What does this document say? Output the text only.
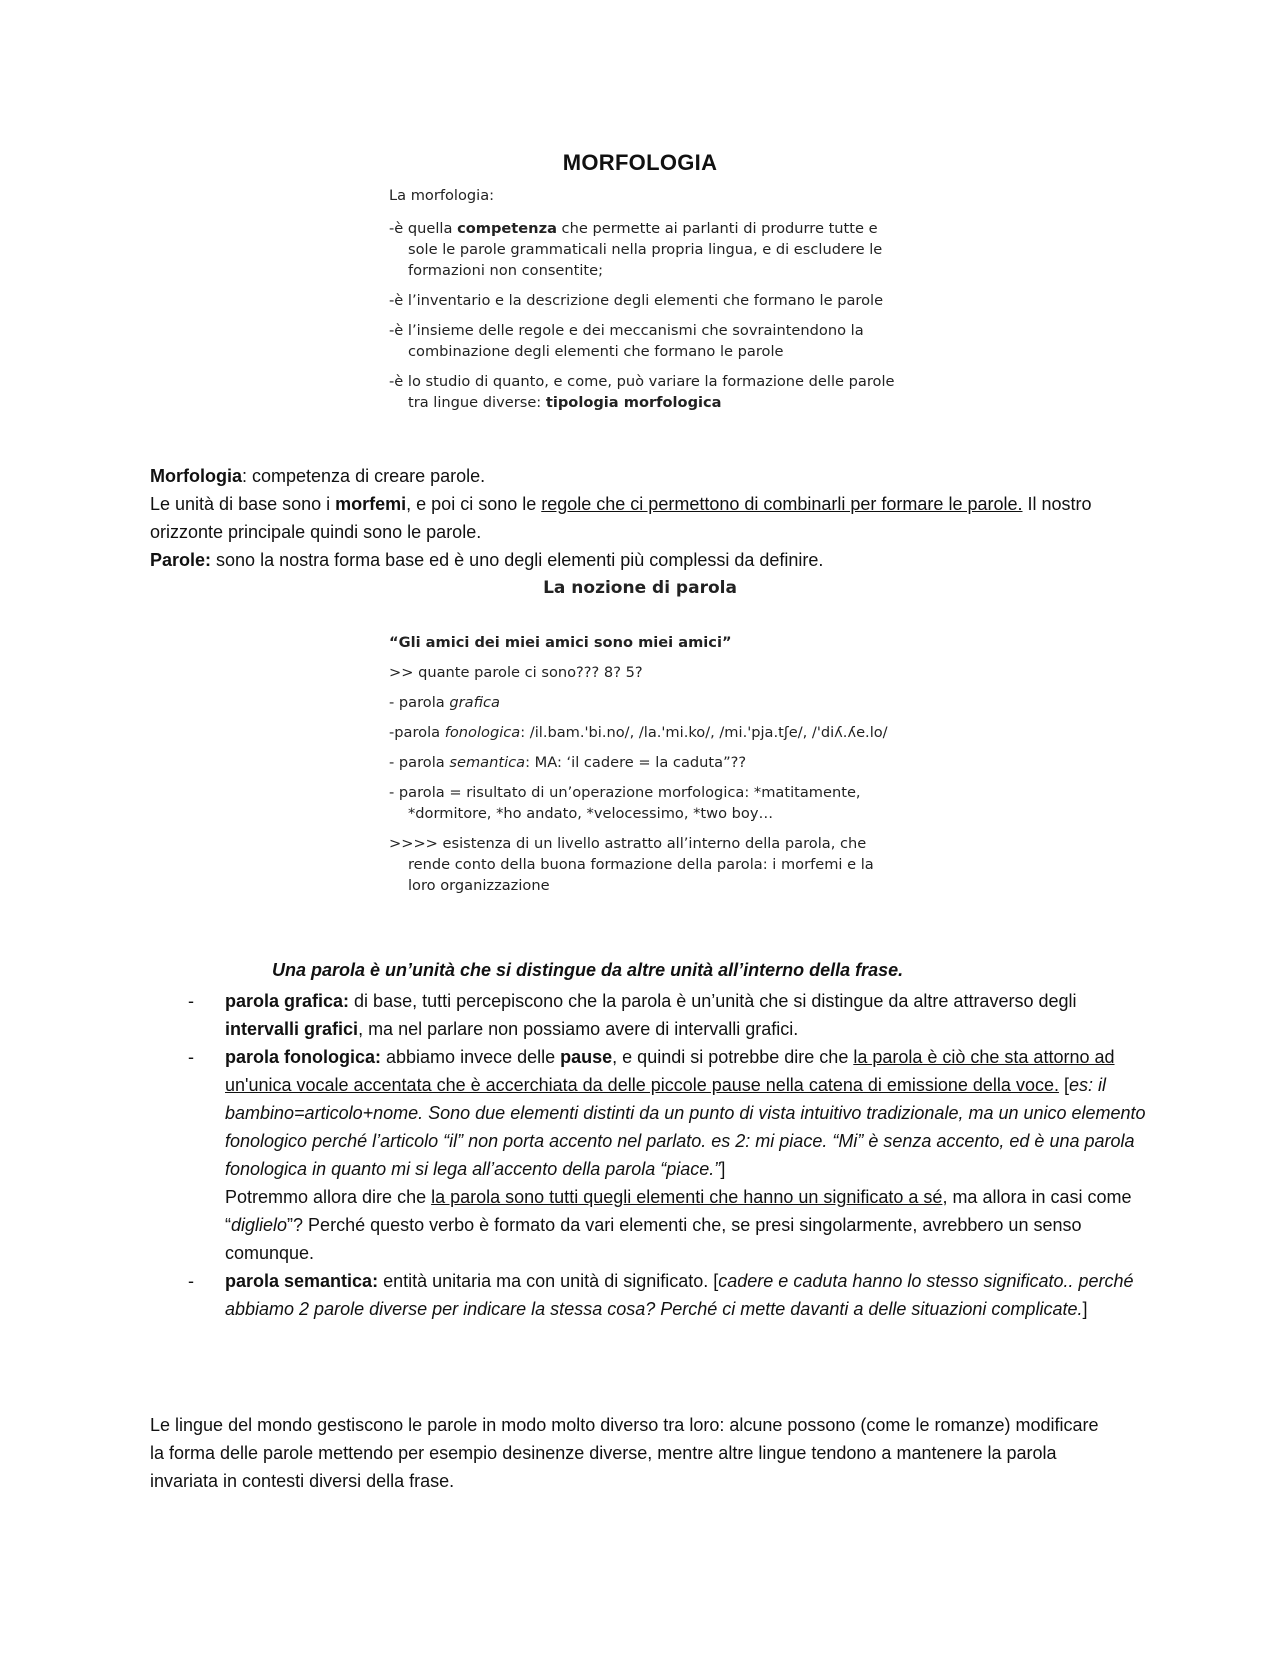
MORFOLOGIA

La morfologia:

-è quella competenza che permette ai parlanti di produrre tutte e sole le parole grammaticali nella propria lingua, e di escludere le formazioni non consentite;

-è l’inventario e la descrizione degli elementi che formano le parole

-è l’insieme delle regole e dei meccanismi che sovraintendono la combinazione degli elementi che formano le parole

-è lo studio di quanto, e come, può variare la formazione delle parole tra lingue diverse: tipologia morfologica

Morfologia: competenza di creare parole.

Le unità di base sono i morfemi, e poi ci sono le regole che ci permettono di combinarli per formare le parole. Il nostro orizzonte principale quindi sono le parole.

Parole: sono la nostra forma base ed è uno degli elementi più complessi da definire.

La nozione di parola

“Gli amici dei miei amici sono miei amici”

>> quante parole ci sono??? 8? 5?

- parola grafica

-parola fonologica: /il.bam.'bi.no/, /la.'mi.ko/, /mi.'pja.tʃe/, /'diʎ.ʎe.lo/

- parola semantica: MA: ‘il cadere = la caduta”??

- parola = risultato di un’operazione morfologica: *matitamente, *dormitore, *ho andato, *velocessimo, *two boy…

>>>> esistenza di un livello astratto all’interno della parola, che rende conto della buona formazione della parola: i morfemi e la loro organizzazione

Una parola è un’unità che si distingue da altre unità all’interno della frase.
- parola grafica: di base, tutti percepiscono che la parola è un’unità che si distingue da altre attraverso degli intervalli grafici, ma nel parlare non possiamo avere di intervalli grafici.

- parola fonologica: abbiamo invece delle pause, e quindi si potrebbe dire che la parola è ciò che sta attorno ad un'unica vocale accentata che è accerchiata da delle piccole pause nella catena di emissione della voce. [es: il bambino=articolo+nome. Sono due elementi distinti da un punto di vista intuitivo tradizionale, ma un unico elemento fonologico perché l’articolo “il” non porta accento nel parlato. es 2: mi piace. “Mi” è senza accento, ed è una parola fonologica in quanto mi si lega all’accento della parola “piace.”]

Potremmo allora dire che la parola sono tutti quegli elementi che hanno un significato a sé, ma allora in casi come “diglielo”? Perché questo verbo è formato da vari elementi che, se presi singolarmente, avrebbero un senso comunque.

- parola semantica: entità unitaria ma con unità di significato. [cadere e caduta hanno lo stesso significato.. perché abbiamo 2 parole diverse per indicare la stessa cosa? Perché ci mette davanti a delle situazioni complicate.]

Le lingue del mondo gestiscono le parole in modo molto diverso tra loro: alcune possono (come le romanze) modificare la forma delle parole mettendo per esempio desinenze diverse, mentre altre lingue tendono a mantenere la parola invariata in contesti diversi della frase.
